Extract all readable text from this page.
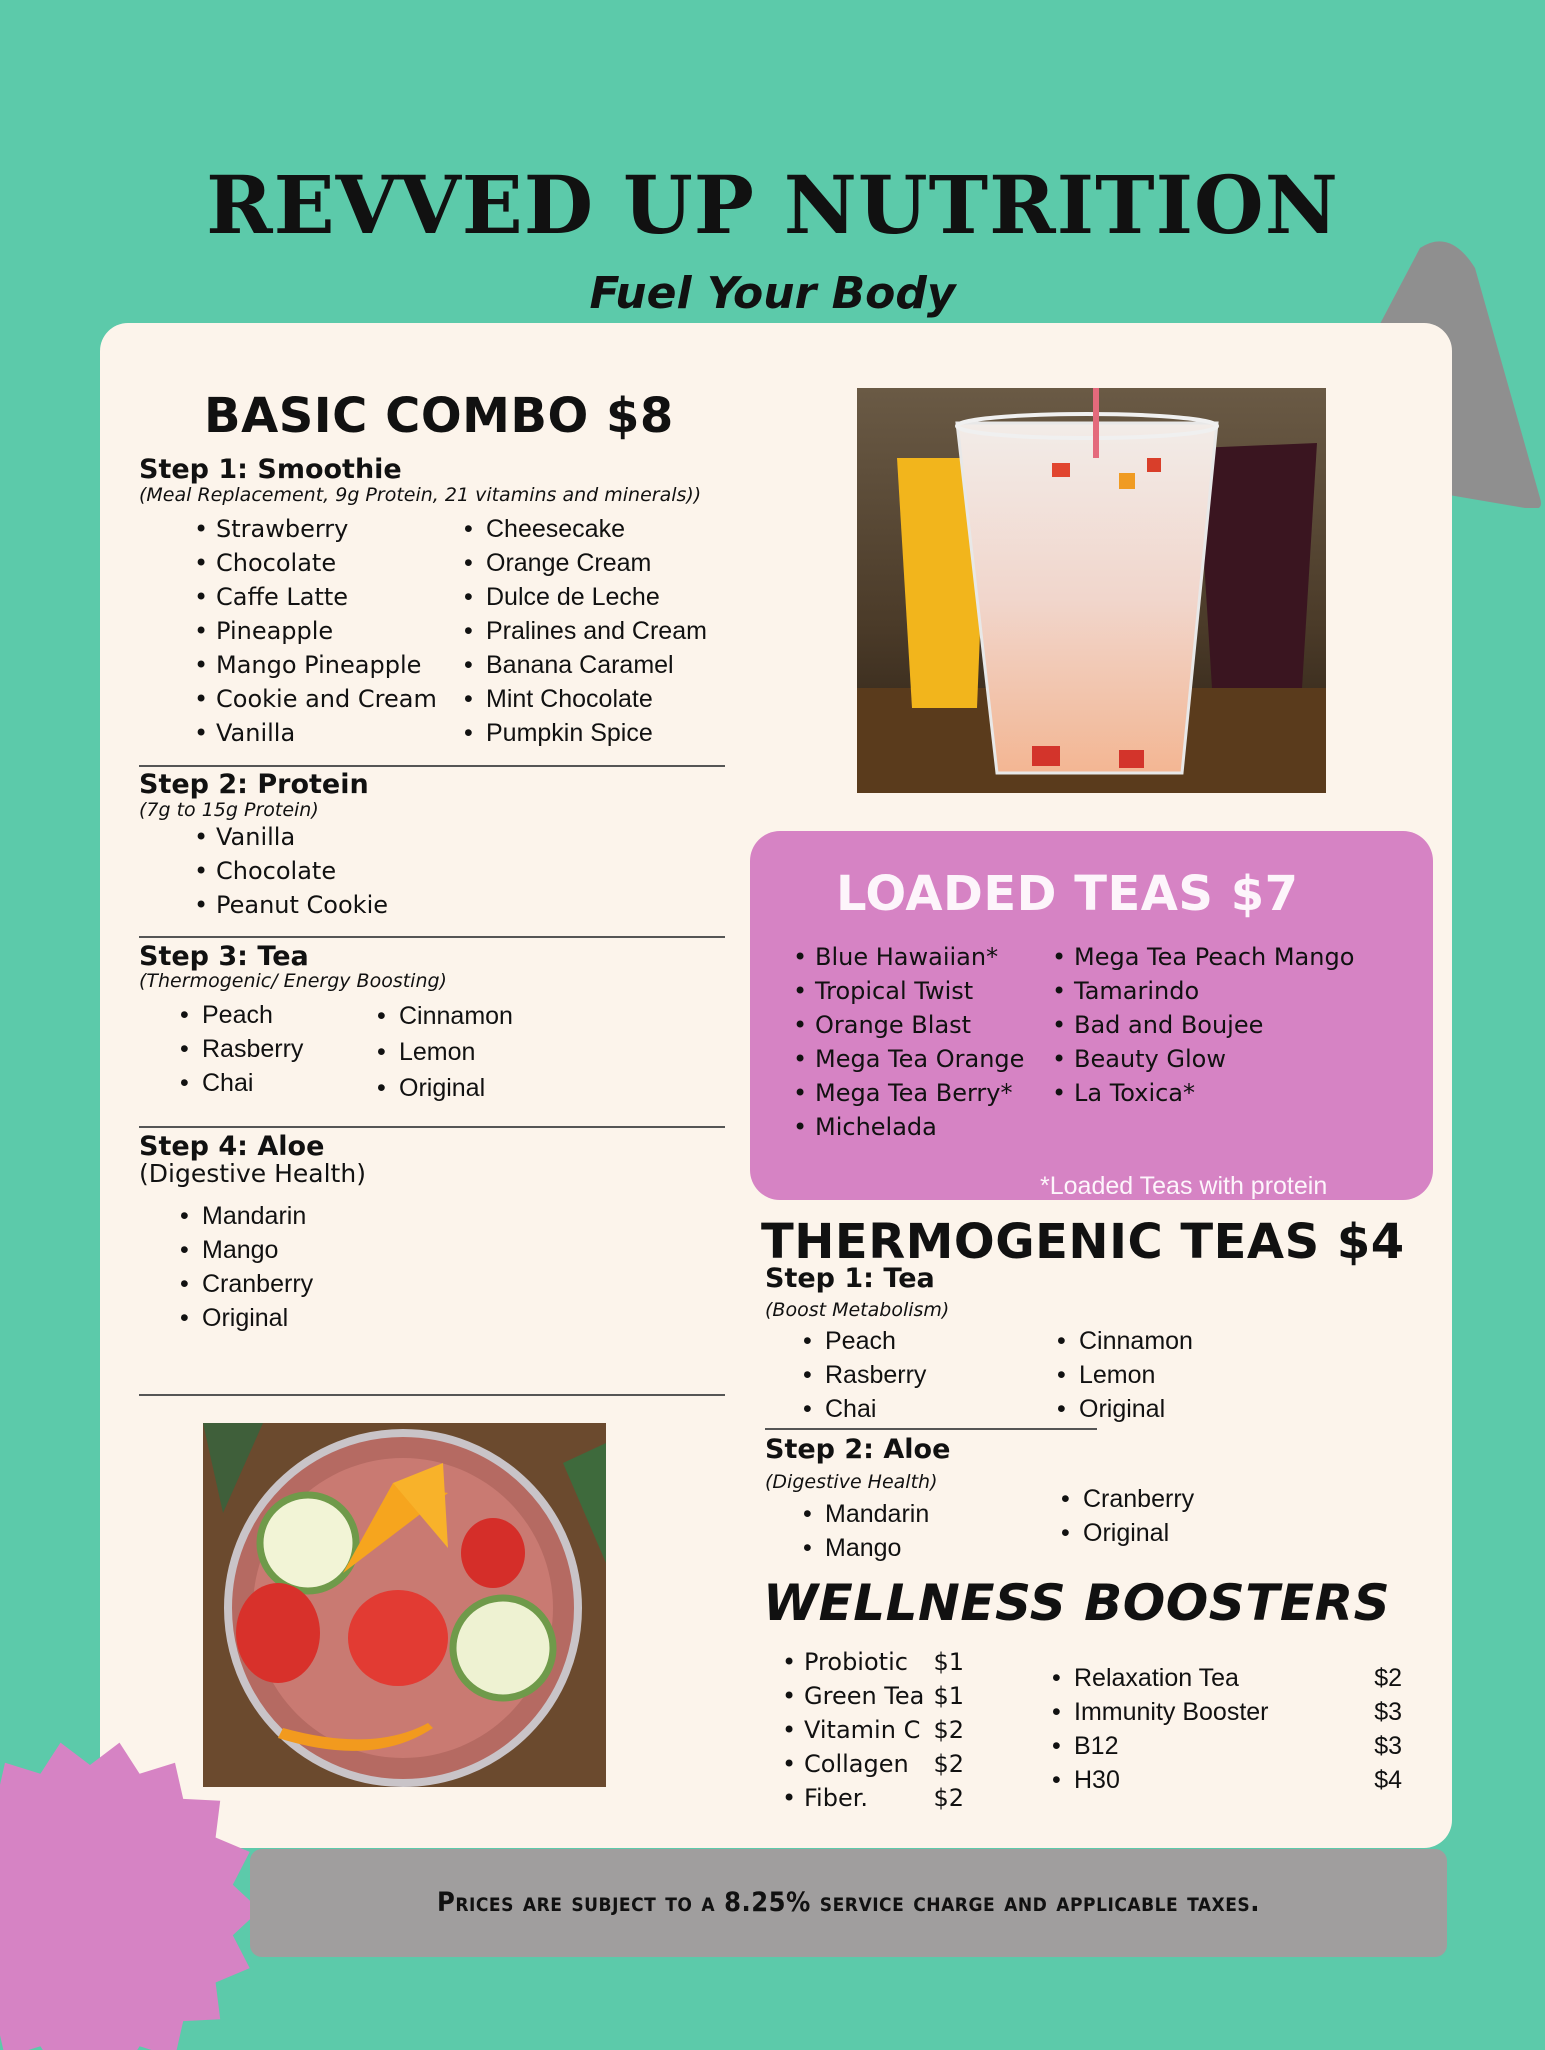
REVVED UP NUTRITION
Fuel Your Body
BASIC COMBO $8
Step 1: Smoothie
(Meal Replacement, 9g Protein, 21 vitamins and minerals))
• Strawberry
• Chocolate
• Caffe Latte
• Pineapple
• Mango Pineapple
• Cookie and Cream
• Vanilla
• Cheesecake
• Orange Cream
• Dulce de Leche
• Pralines and Cream
• Banana Caramel
• Mint Chocolate
• Pumpkin Spice
Step 2: Protein
(7g to 15g Protein)
• Vanilla
• Chocolate
• Peanut Cookie
Step 3: Tea
(Thermogenic/ Energy Boosting)
• Peach
• Rasberry
• Chai
• Cinnamon
• Lemon
• Original
Step 4: Aloe
(Digestive Health)
• Mandarin
• Mango
• Cranberry
• Original
LOADED TEAS $7
• Blue Hawaiian*
• Tropical Twist
• Orange Blast
• Mega Tea Orange
• Mega Tea Berry*
• Michelada
• Mega Tea Peach Mango
• Tamarindo
• Bad and Boujee
• Beauty Glow
• La Toxica*
*Loaded Teas with protein
THERMOGENIC TEAS $4
Step 1: Tea
(Boost Metabolism)
• Peach
• Rasberry
• Chai
• Cinnamon
• Lemon
• Original
Step 2: Aloe
(Digestive Health)
• Mandarin
• Mango
• Cranberry
• Original
WELLNESS BOOSTERS
• Probiotic $1
• Green Tea $1
• Vitamin C $2
• Collagen $2
• Fiber.	$2
• Relaxation Tea	$2
• Immunity Booster	$3
• B12	$3
• H30	$4
Prices are subject to a 8.25% service charge and applicable taxes.
